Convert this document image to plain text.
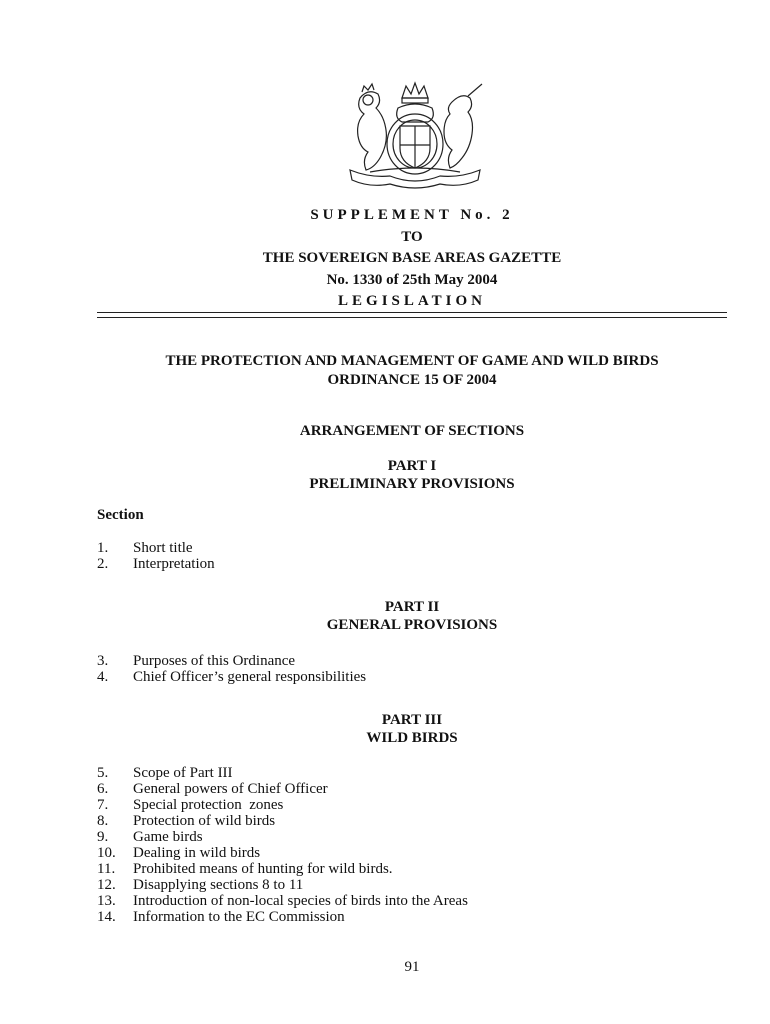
SUPPLEMENT No. 2
TO
THE SOVEREIGN BASE AREAS GAZETTE
No. 1330 of 25th May 2004
LEGISLATION
THE PROTECTION AND MANAGEMENT OF GAME AND WILD BIRDS
ORDINANCE 15 OF 2004
ARRANGEMENT OF SECTIONS
PART I
PRELIMINARY PROVISIONS
Section
1.	Short title
2.	Interpretation
PART II
GENERAL PROVISIONS
3.	Purposes of this Ordinance
4.	Chief Officer’s general responsibilities
PART III
WILD BIRDS
5.	Scope of Part III
6.	General powers of Chief Officer
7.	Special protection  zones
8.	Protection of wild birds
9.	Game birds
10.	Dealing in wild birds
11.	Prohibited means of hunting for wild birds.
12.	Disapplying sections 8 to 11
13.	Introduction of non-local species of birds into the Areas
14.	Information to the EC Commission
91
